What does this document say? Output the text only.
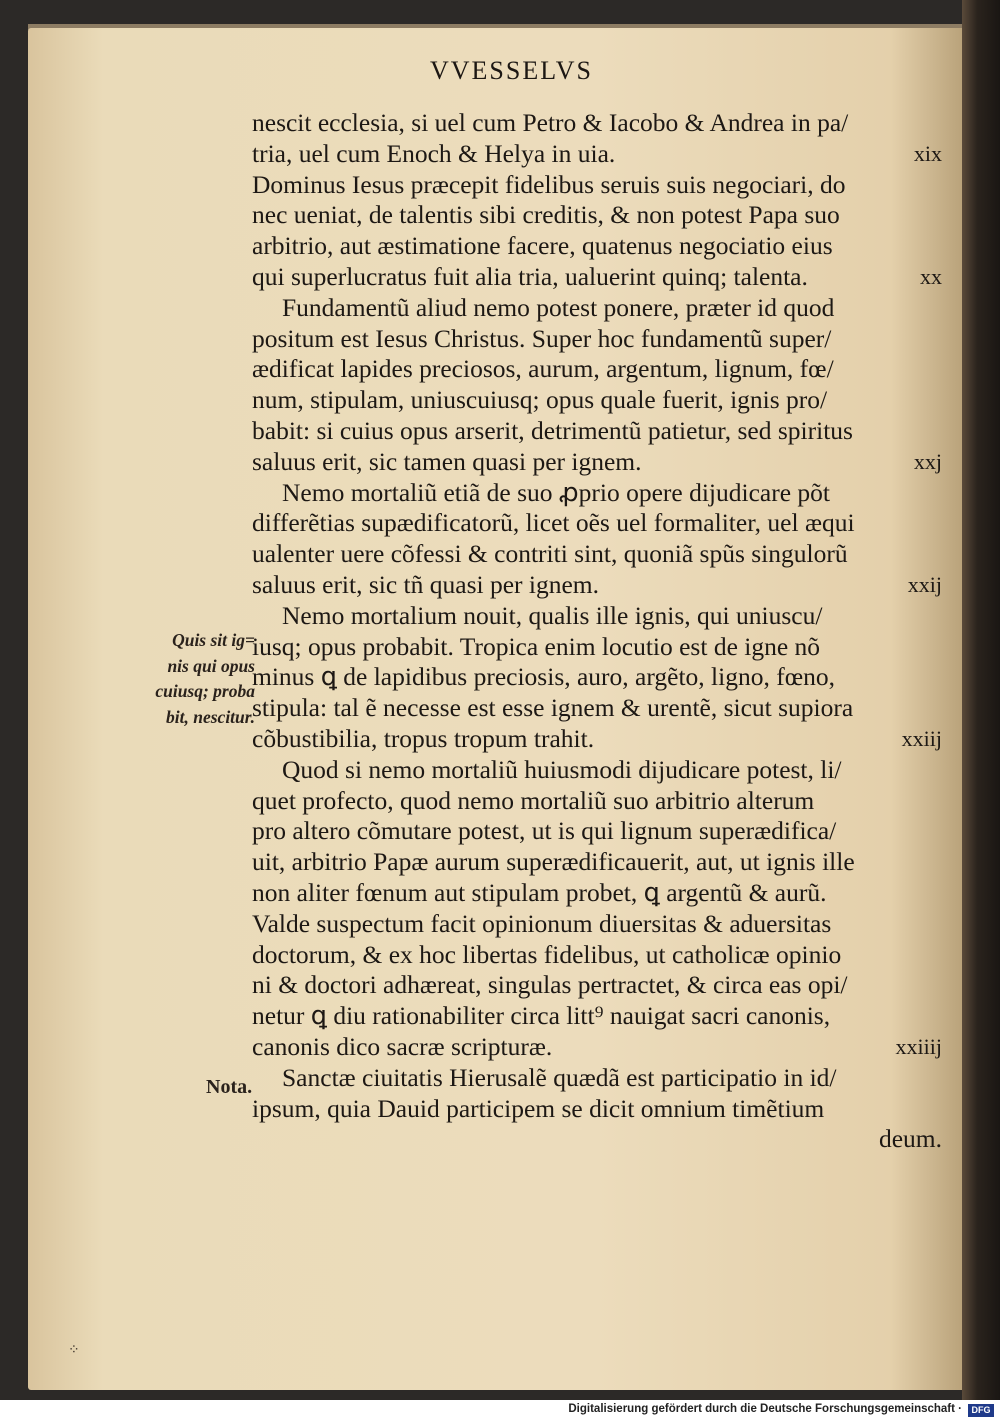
VVESSELVS
nescit ecclesia, si uel cum Petro & Iacobo & Andrea in pa/
tria, uel cum Enoch & Helya in uia.	xix
Dominus Iesus præcepit fidelibus seruis suis negociari, do
nec ueniat, de talentis sibi creditis, & non potest Papa suo
arbitrio, aut æstimatione facere, quatenus negociatio eius
qui superlucratus fuit alia tria, ualuerint quinq; talenta.	xx
Fundamentũ aliud nemo potest ponere, præter id quod
positum est Iesus Christus. Super hoc fundamentũ super/
ædificat lapides preciosos, aurum, argentum, lignum, fœ/
num, stipulam, uniuscuiusq; opus quale fuerit, ignis pro/
babit: si cuius opus arserit, detrimentũ patietur, sed spiritus
saluus erit, sic tamen quasi per ignem.	xxj
Nemo mortaliũ etiã de suo ꝓprio opere dijudicare põt
differẽtias supædificatorũ, licet oẽs uel formaliter, uel æqui
ualenter uere cõfessi & contriti sint, quoniã spũs singulorũ
saluus erit, sic tñ quasi per ignem.	xxij
Nemo mortalium nouit, qualis ille ignis, qui uniuscu/
iusq; opus probabit. Tropica enim locutio est de igne nõ
minus ꝗ de lapidibus preciosis, auro, argẽto, ligno, fœno,
stipula: tal ẽ necesse est esse ignem & urentẽ, sicut supiora
cõbustibilia, tropus tropum trahit.	xxiij
Quod si nemo mortaliũ huiusmodi dijudicare potest, li/
quet profecto, quod nemo mortaliũ suo arbitrio alterum
pro altero cõmutare potest, ut is qui lignum superædifica/
uit, arbitrio Papæ aurum superædificauerit, aut, ut ignis ille
non aliter fœnum aut stipulam probet, ꝗ argentũ & aurũ.
Valde suspectum facit opinionum diuersitas & aduersitas
doctorum, & ex hoc libertas fidelibus, ut catholicæ opinio
ni & doctori adhæreat, singulas pertractet, & circa eas opi/
netur ꝗ diu rationabiliter circa litt⁹ nauigat sacri canonis,
canonis dico sacræ scripturæ.	xxiiij
Sanctæ ciuitatis Hierusalẽ quædã est participatio in id/
ipsum, quia Dauid participem se dicit omnium timẽtium
deum.
Quis sit ig=
nis qui opus
cuiusq; proba
bit, nescitur.
Nota.
⁘
Digitalisierung gefördert durch die Deutsche Forschungsgemeinschaft ·	DFG
